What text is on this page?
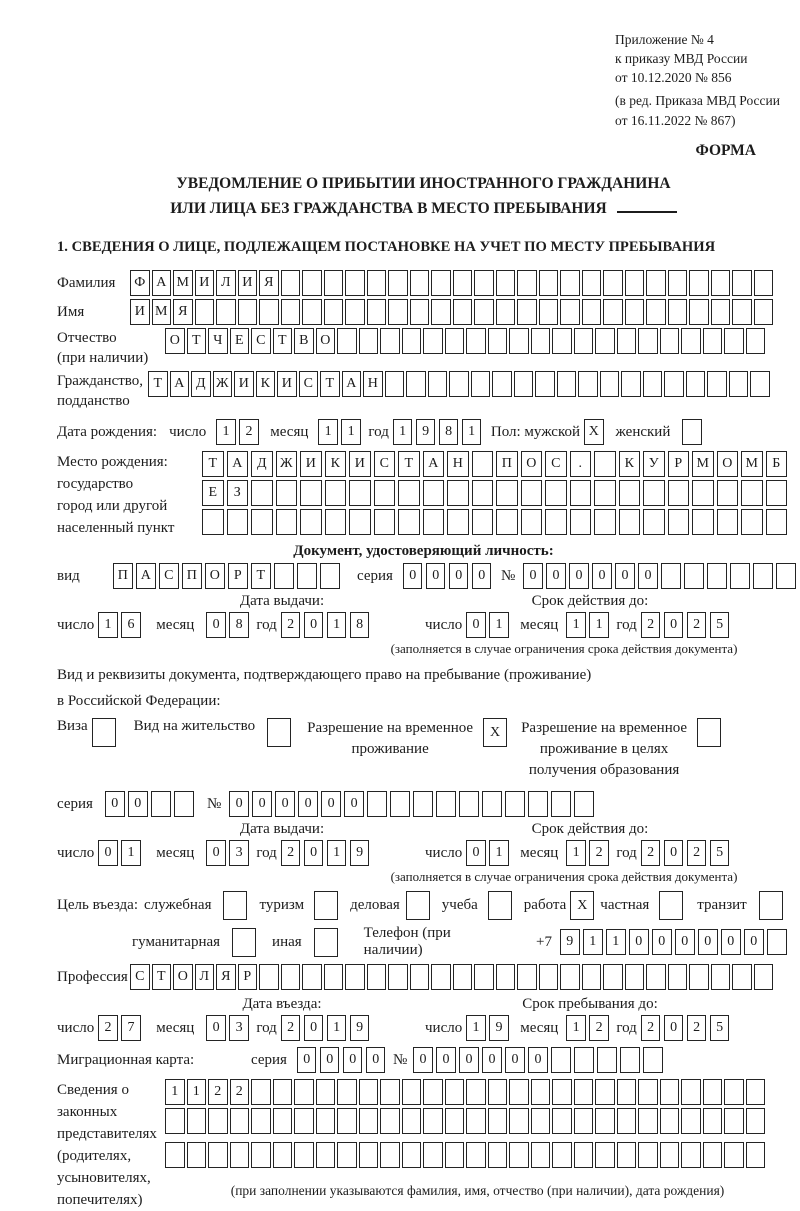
Приложение № 4
к приказу МВД России
от 10.12.2020 № 856
(в ред. Приказа МВД России
от 16.11.2022 № 867)
ФОРМА
УВЕДОМЛЕНИЕ О ПРИБЫТИИ ИНОСТРАННОГО ГРАЖДАНИНА
ИЛИ ЛИЦА БЕЗ ГРАЖДАНСТВА В МЕСТО ПРЕБЫВАНИЯ
1. СВЕДЕНИЯ О ЛИЦЕ, ПОДЛЕЖАЩЕМ ПОСТАНОВКЕ НА УЧЕТ ПО МЕСТУ ПРЕБЫВАНИЯ
Фамилия	Ф А М И Л И Я
Имя	И М Я
Отчество
(при наличии)
О Т Ч Е С Т В О
Гражданство,
подданство
Т А Д Ж И К И С Т А Н
Дата рождения: число	1	2	месяц	1	1 год 1	9	8	1	Пол: мужской X	женский
Место рождения:
государство
город или другой
населенный пункт
Т	А	Д Ж И	К	И	С	Т	А	Н	П	О	С	.	К	У	Р	М О М	Б
Е	З
Документ, удостоверяющий личность:
вид	П А С П О	Р	Т	серия	0	0	0	0	№	0	0	0	0	0	0
Дата выдачи:
число 1	6	месяц	0	8 год 2	0	1	8
Срок действия до:
число 0	1	месяц	1	1 год 2	0	2	5
(заполняется в случае ограничения срока действия документа)
Вид и реквизиты документа, подтверждающего право на пребывание (проживание)
в Российской Федерации:
Виза	Вид на жительство	Разрешение на временное
проживание
X	Разрешение на временное
проживание в целях
получения образования
серия	0	0	№	0	0	0	0	0	0
Дата выдачи:
число 0	1	месяц	0	3 год 2	0	1	9
Срок действия до:
число 0	1	месяц	1	2 год 2	0	2	5
(заполняется в случае ограничения срока действия документа)
Цель въезда: служебная	туризм	деловая	учеба	работа X частная	транзит
гуманитарная	иная
Телефон (при наличии)
+7	9	1	1	0	0	0	0	0	0
Профессия С Т О Л Я Р
Дата въезда:
число 2	7	месяц	0	3 год 2	0	1	9
Срок пребывания до:
число 1	9	месяц	1	2 год 2	0	2	5
Миграционная карта:	серия	0	0	0	0 № 0	0	0	0	0	0
Сведения о
законных
представителях
(родителях,
усыновителях,
попечителях)
1	1	2	2
(при заполнении указываются фамилия, имя, отчество (при наличии), дата рождения)
